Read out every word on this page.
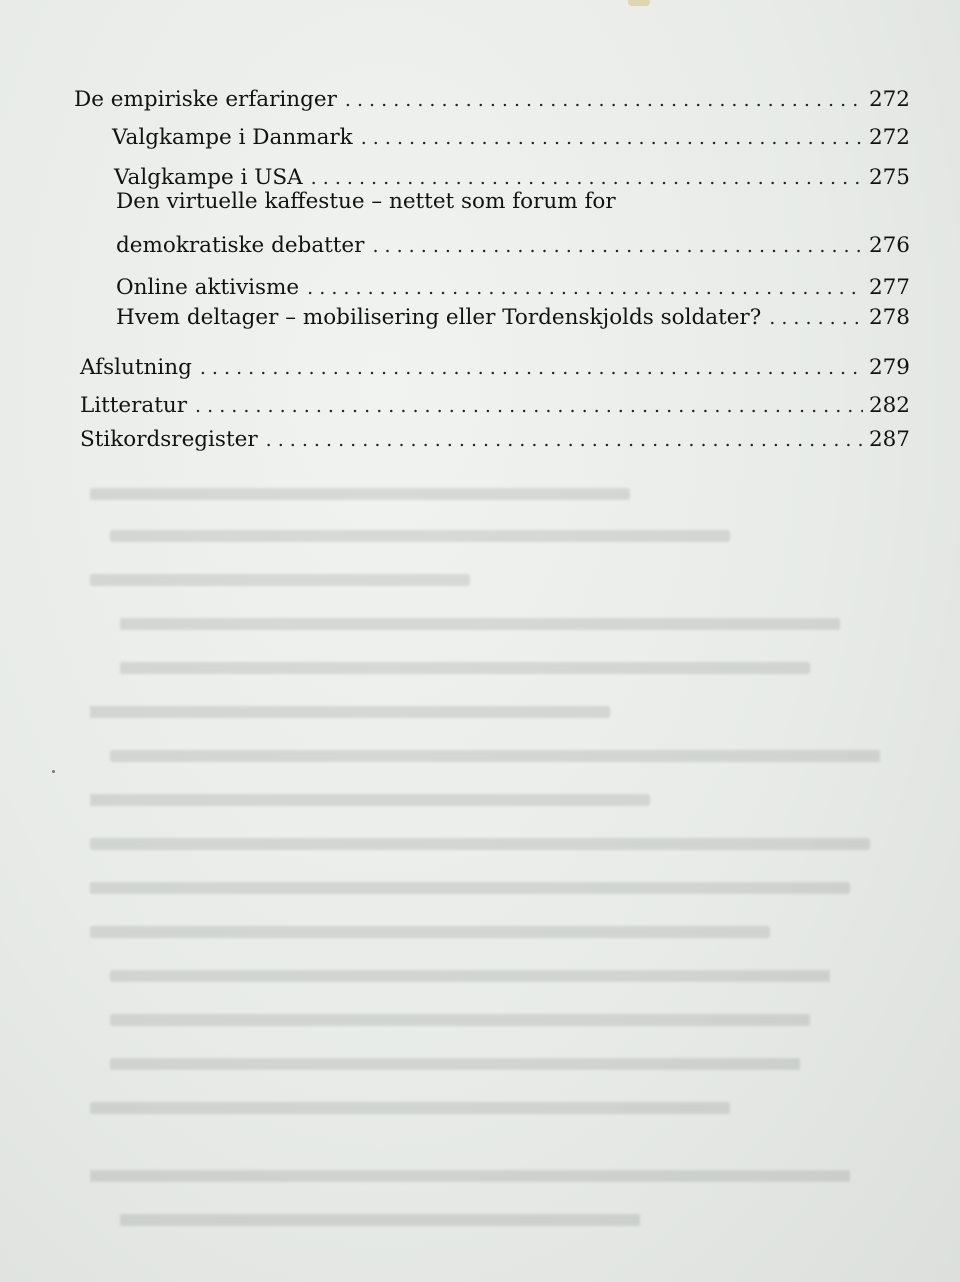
De empiriske erfaringer . . .	272
Valgkampe i Danmark . . .	272
Valgkampe i USA . . .	275
Den virtuelle kaffestue – nettet som forum for
demokratiske debatter . . .	276
Online aktivisme . . .	277
Hvem deltager – mobilisering eller Tordenskjolds soldater? . . .	278
Afslutning . . .	279
Litteratur . . .	282
Stikordsregister . . .	287
